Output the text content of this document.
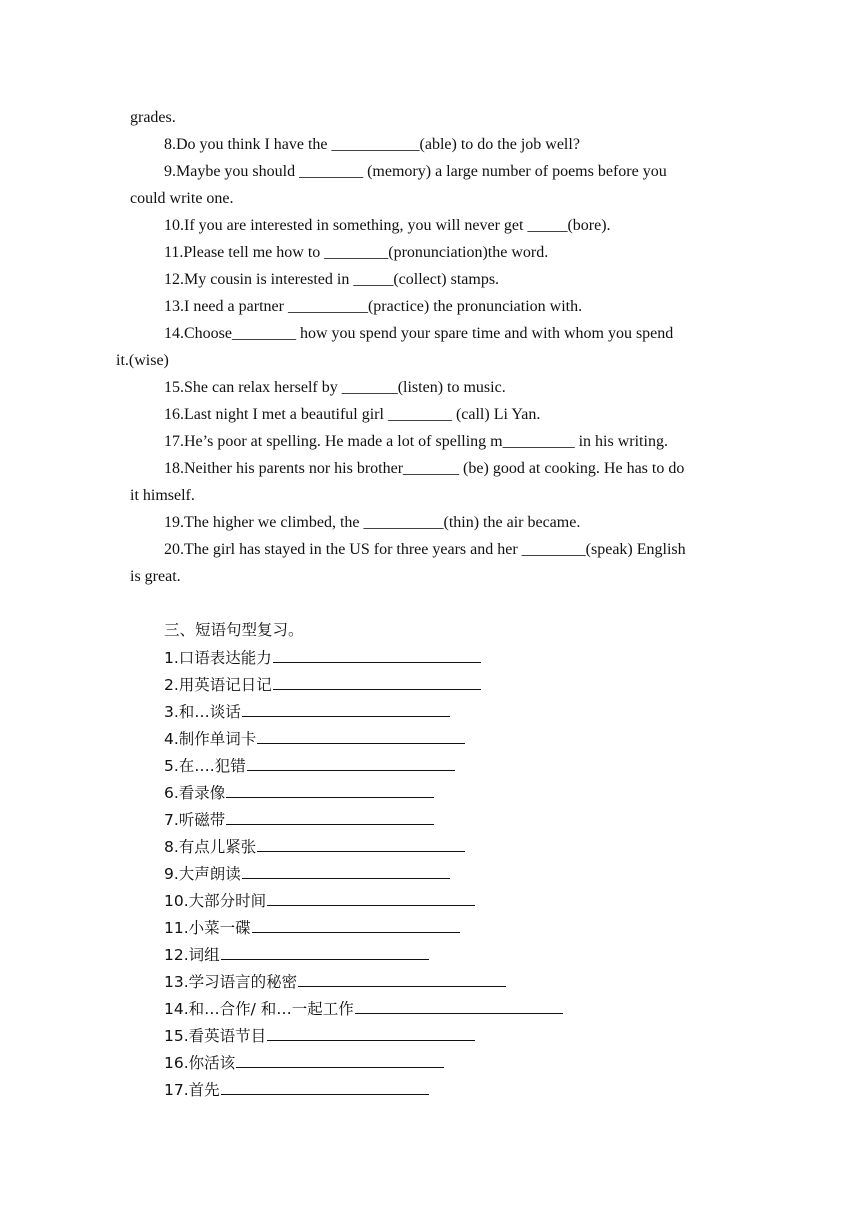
grades.
8.Do you think I have the ___________(able) to do the job well?
9.Maybe you should ________ (memory) a large number of poems before you
could write one.
10.If you are interested in something, you will never get _____(bore).
11.Please tell me how to ________(pronunciation)the word.
12.My cousin is interested in _____(collect) stamps.
13.I need a partner __________(practice) the pronunciation with.
14.Choose________ how you spend your spare time and with whom you spend
it.(wise)
15.She can relax herself by _______(listen) to music.
16.Last night I met a beautiful girl ________ (call) Li Yan.
17.He’s poor at spelling. He made a lot of spelling m_________ in his writing.
18.Neither his parents nor his brother_______ (be) good at cooking. He has to do
it himself.
19.The higher we climbed, the __________(thin) the air became.
20.The girl has stayed in the US for three years and her ________(speak) English
is great.
三、短语句型复习。
1.口语表达能力
2.用英语记日记
3.和…谈话
4.制作单词卡
5.在….犯错
6.看录像
7.听磁带
8.有点儿紧张
9.大声朗读
10.大部分时间
11.小菜一碟
12.词组
13.学习语言的秘密
14.和…合作/ 和…一起工作
15.看英语节目
16.你活该
17.首先
